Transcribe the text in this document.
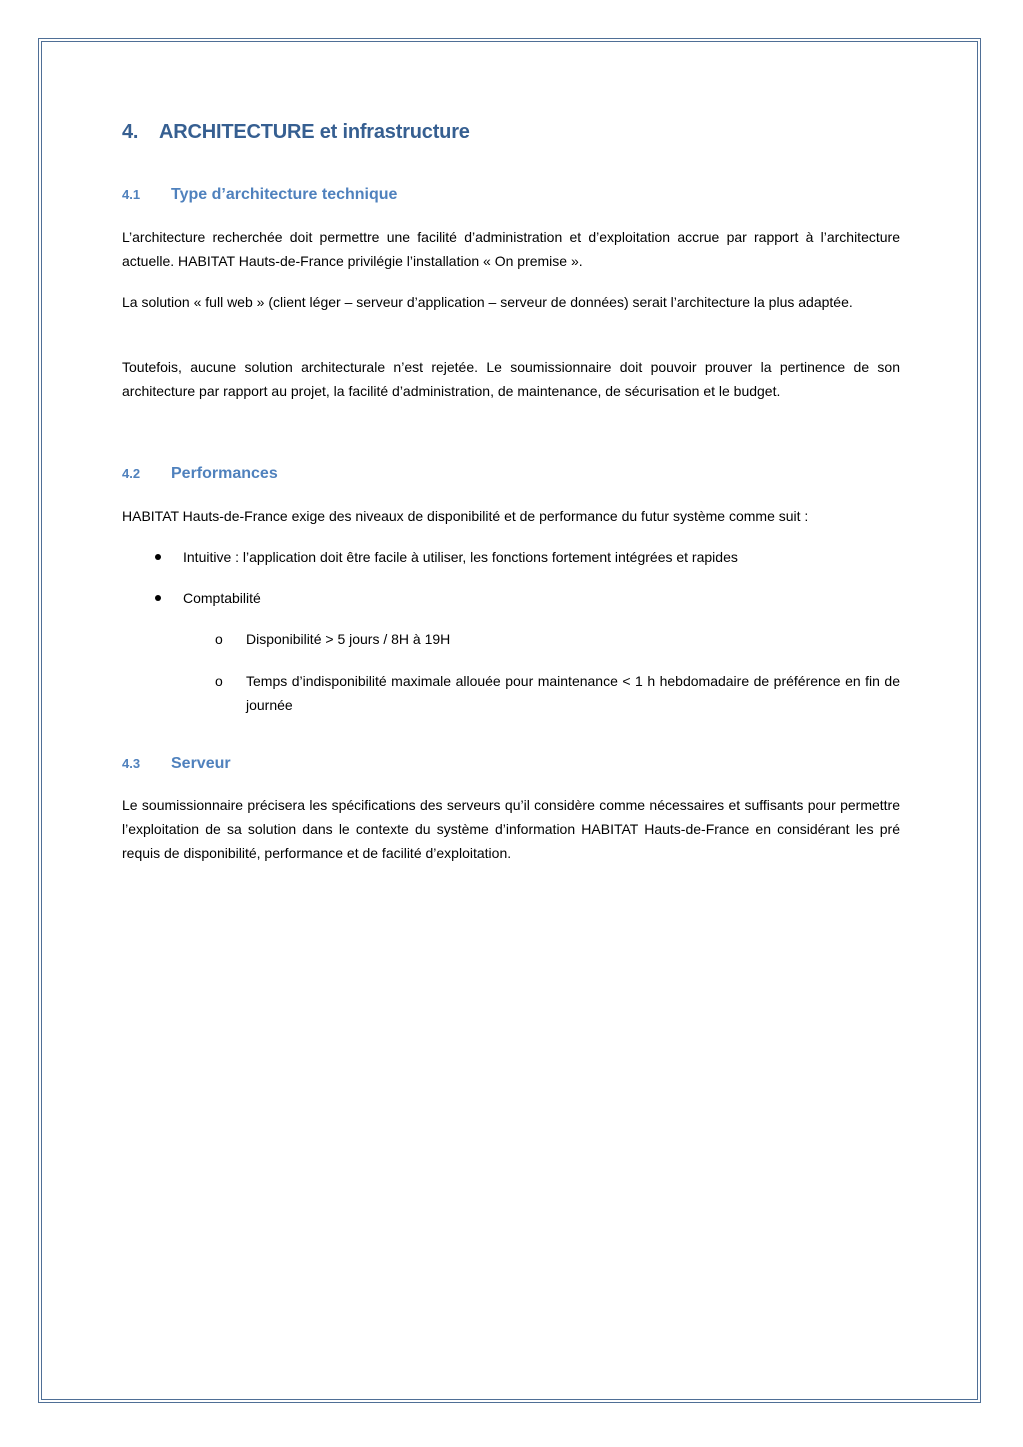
4. ARCHITECTURE et infrastructure
4.1 Type d’architecture technique
L’architecture recherchée doit permettre une facilité d’administration et d’exploitation accrue par rapport à l’architecture actuelle. HABITAT Hauts-de-France privilégie l’installation « On premise ».
La solution « full web » (client léger – serveur d’application – serveur de données) serait l’architecture la plus adaptée.
Toutefois, aucune solution architecturale n’est rejetée. Le soumissionnaire doit pouvoir prouver la pertinence de son architecture par rapport au projet, la facilité d’administration, de maintenance, de sécurisation et le budget.
4.2 Performances
HABITAT Hauts-de-France exige des niveaux de disponibilité et de performance du futur système comme suit :
Intuitive : l’application doit être facile à utiliser, les fonctions fortement intégrées et rapides
Comptabilité
o Disponibilité > 5 jours / 8H à 19H
o Temps d’indisponibilité maximale allouée pour maintenance < 1 h hebdomadaire de préférence en fin de journée
4.3 Serveur
Le soumissionnaire précisera les spécifications des serveurs qu’il considère comme nécessaires et suffisants pour permettre l’exploitation de sa solution dans le contexte du système d’information HABITAT Hauts-de-France en considérant les pré requis de disponibilité, performance et de facilité d’exploitation.
